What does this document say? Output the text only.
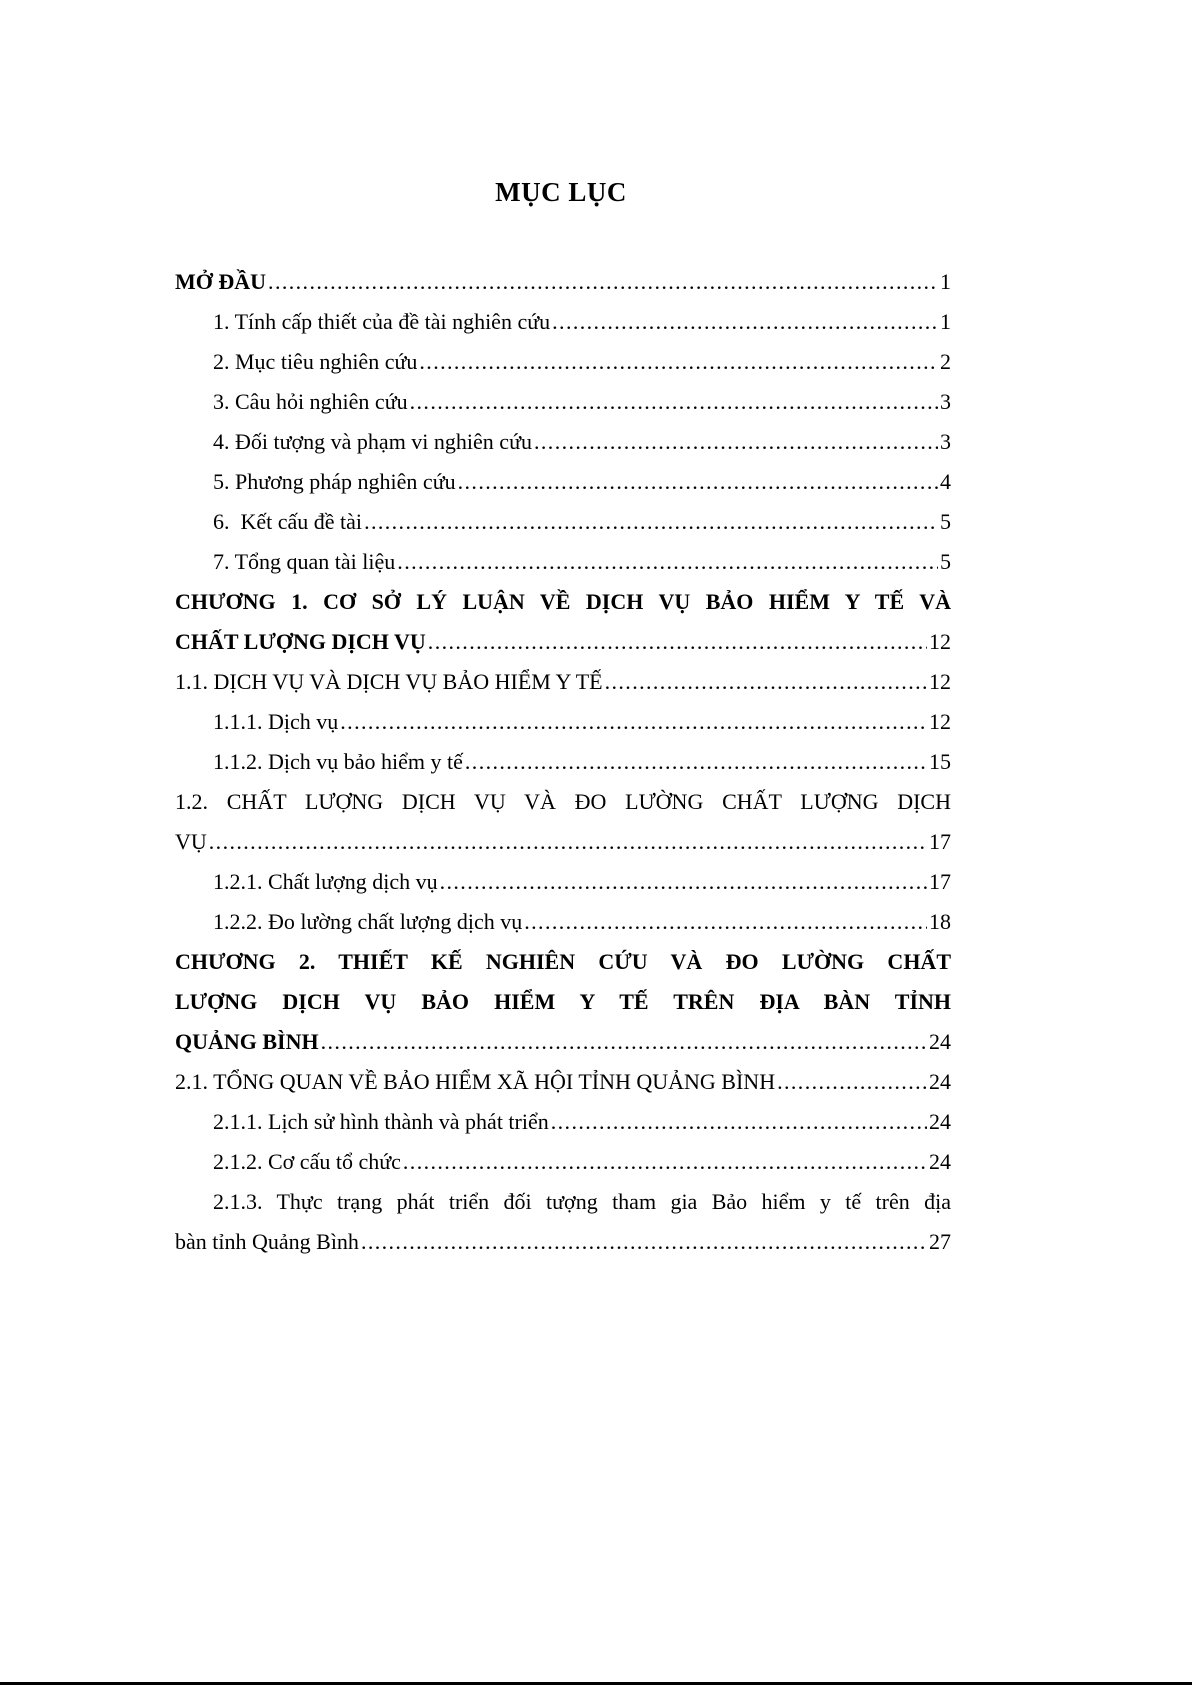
MỤC LỤC
MỞ ĐẦU .....	1
1. Tính cấp thiết của đề tài nghiên cứu .....	1
2. Mục tiêu nghiên cứu .....	2
3. Câu hỏi nghiên cứu .....	3
4. Đối tượng và phạm vi nghiên cứu .....	3
5. Phương pháp nghiên cứu .....	4
6.  Kết cấu đề tài .....	5
7. Tổng quan tài liệu .....	5
CHƯƠNG 1. CƠ SỞ LÝ LUẬN VỀ DỊCH VỤ BẢO HIỂM Y TẾ VÀ
CHẤT LƯỢNG DỊCH VỤ .....	12
1.1. DỊCH VỤ VÀ DỊCH VỤ BẢO HIỂM Y TẾ .....	12
1.1.1. Dịch vụ .....	12
1.1.2. Dịch vụ bảo hiểm y tế .....	15
1.2. CHẤT LƯỢNG DỊCH VỤ VÀ ĐO LƯỜNG CHẤT LƯỢNG DỊCH
VỤ .....	17
1.2.1. Chất lượng dịch vụ .....	17
1.2.2. Đo lường chất lượng dịch vụ .....	18
CHƯƠNG 2. THIẾT KẾ NGHIÊN CỨU VÀ ĐO LƯỜNG CHẤT
LƯỢNG DỊCH VỤ BẢO HIỂM Y TẾ TRÊN ĐỊA BÀN TỈNH
QUẢNG BÌNH .....	24
2.1. TỔNG QUAN VỀ BẢO HIỂM XÃ HỘI TỈNH QUẢNG BÌNH .....	24
2.1.1. Lịch sử hình thành và phát triển .....	24
2.1.2. Cơ cấu tổ chức .....	24
2.1.3. Thực trạng phát triển đối tượng tham gia Bảo hiểm y tế trên địa
bàn tỉnh Quảng Bình .....	27
